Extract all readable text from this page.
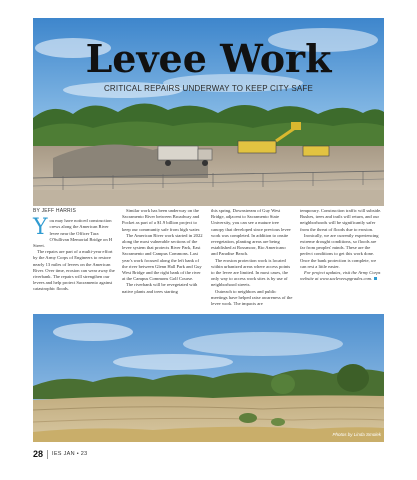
Levee Work
CRITICAL REPAIRS UNDERWAY TO KEEP CITY SAFE
BY JEFF HARRIS

You may have noticed construction crews along the American River levee near the Officer Tara O'Sullivan Memorial Bridge on H Street.

The repairs are part of a multi-year effort by the Army Corps of Engineers to restore nearly 13 miles of levees on the American River. Over time, erosion can wear away the riverbank. The repairs will strengthen our levees and help protect Sacramento against catastrophic floods.

Similar work has been underway on the Sacramento River between Broadway and Pocket as part of a $1.9 billion project to keep our community safe from high water.

The American River work started in 2022 along the most vulnerable sections of the levee system that protects River Park, East Sacramento and Campus Commons. Last year's work focused along the left bank of the river between Glenn Hall Park and Guy West Bridge and the right bank of the river at the Campus Commons Golf Course.

The riverbank will be revegetated with native plants and trees starting

this spring. Downstream of Guy West Bridge, adjacent to Sacramento State University, you can see a mature tree canopy that developed since previous levee work was completed. In addition to onsite revegetation, planting areas are being established at Rossmoor, Rio Americano and Paradise Beach.

The erosion protection work is located within urbanized areas where access points to the levee are limited. In most cases, the only way to access work sites is by use of neighborhood streets.

Outreach to neighbors and public meetings have helped raise awareness of the levee work. The impacts are

temporary. Construction traffic will subside. Bushes, trees and trails will return, and our neighborhoods will be significantly safer from the threat of floods due to erosion.

Ironically, we are currently experiencing extreme drought conditions, so floods are far from peoples' minds. These are the perfect conditions to get this work done. Once the bank protection is complete, we can rest a little easier.

For project updates, visit the Army Corps website at www.sacleveeupgrades.com.

Photos by Linda Smolek
28 IES JAN • 23
